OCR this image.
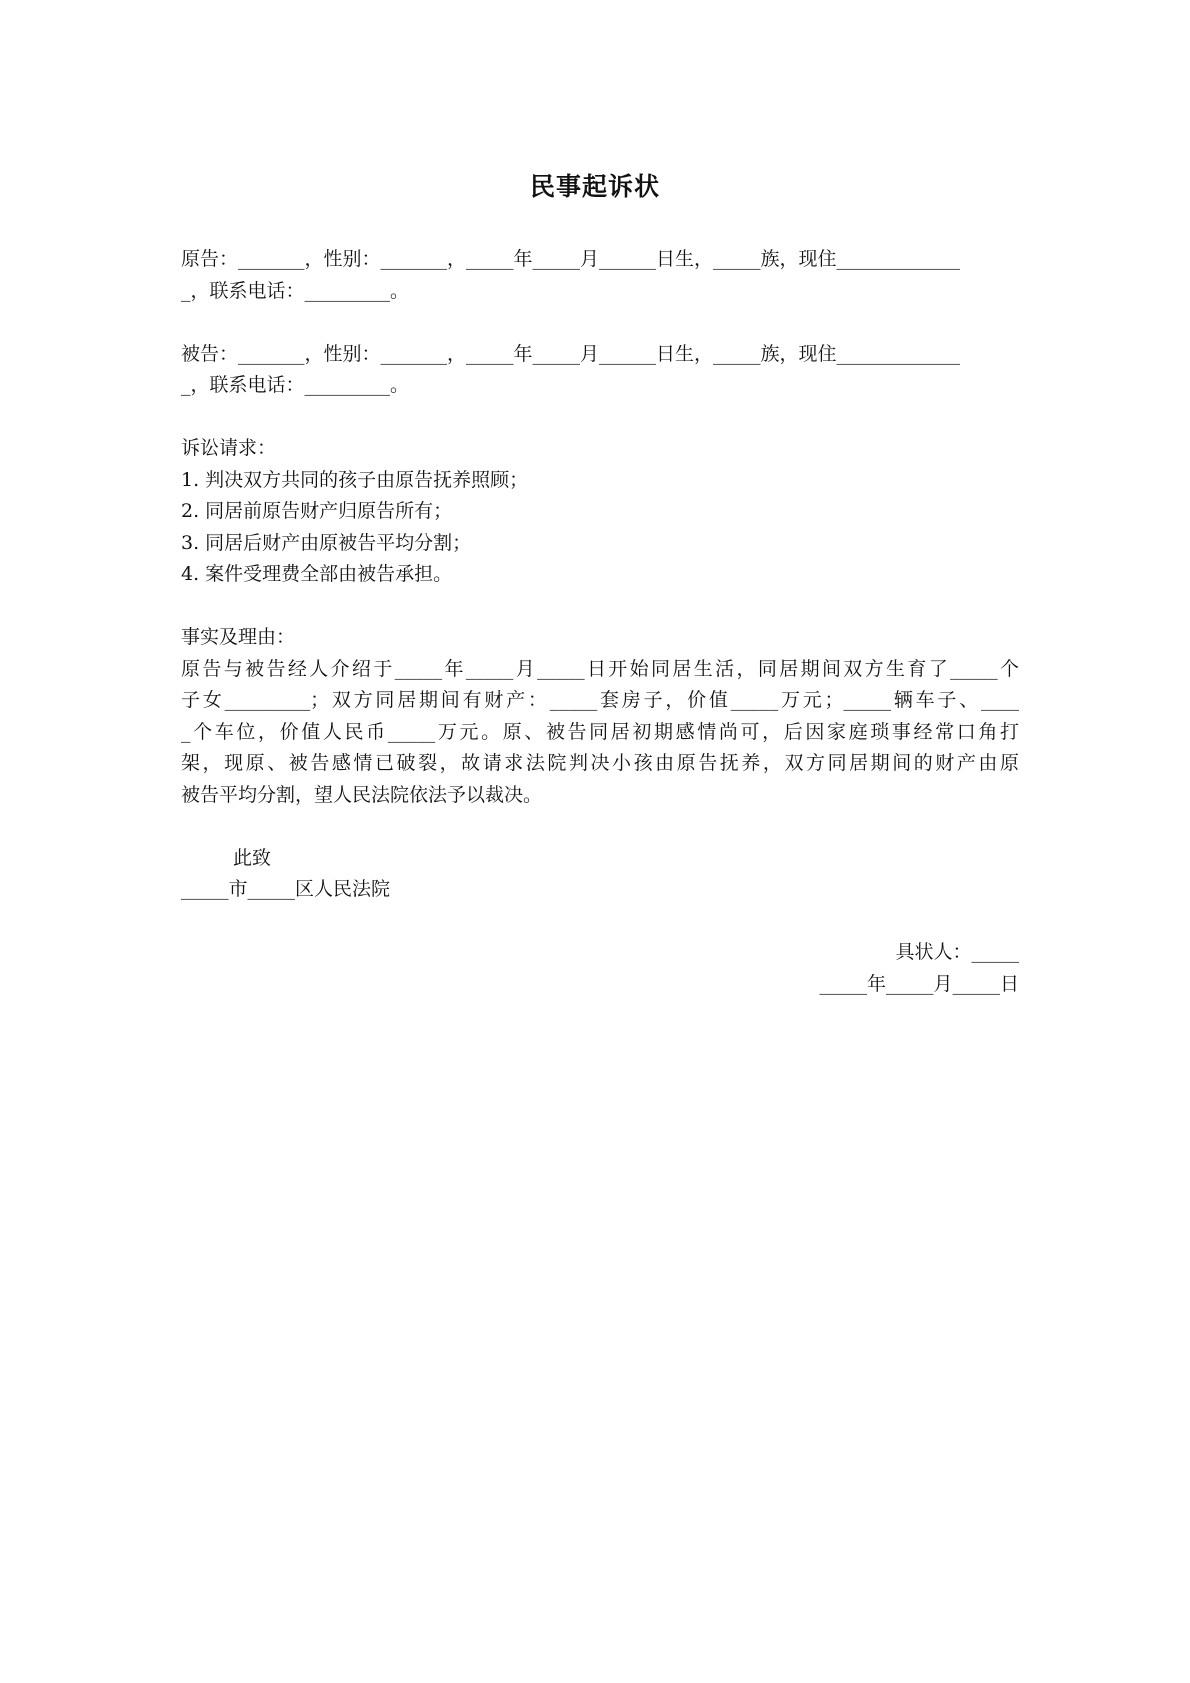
民事起诉状
原告：_______，性别：_______，_____年_____月______日生，_____族，现住_____________
_，联系电话：_________。
被告：_______，性别：_______，_____年_____月______日生，_____族，现住_____________
_，联系电话：_________。
诉讼请求：
1. 判决双方共同的孩子由原告抚养照顾；
2. 同居前原告财产归原告所有；
3. 同居后财产由原被告平均分割；
4. 案件受理费全部由被告承担。
事实及理由：
原告与被告经人介绍于_____年_____月_____日开始同居生活，同居期间双方生育了_____个
子女_________；双方同居期间有财产：_____套房子，价值_____万元；_____辆车子、____
_个车位，价值人民币_____万元。原、被告同居初期感情尚可，后因家庭琐事经常口角打
架，现原、被告感情已破裂，故请求法院判决小孩由原告抚养，双方同居期间的财产由原
被告平均分割，望人民法院依法予以裁决。
此致
_____市_____区人民法院
具状人：_____
_____年_____月_____日
